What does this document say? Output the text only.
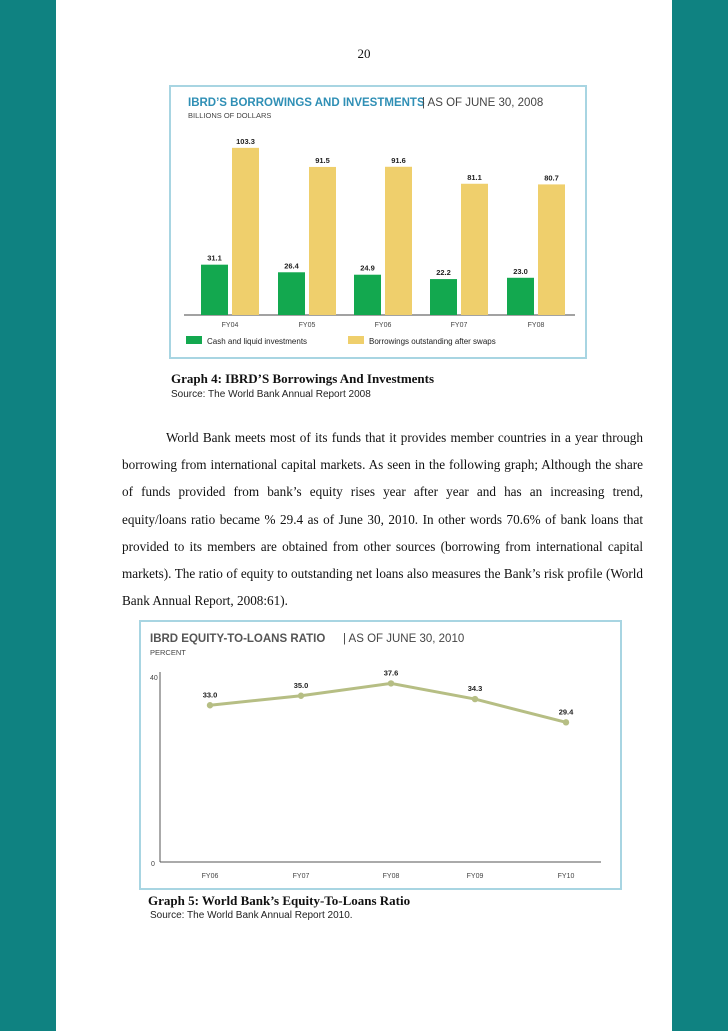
20
IBRD’S BORROWINGS AND INVESTMENTS
| AS OF JUNE 30, 2008
BILLIONS OF DOLLARS
31.1
103.3
FY04
26.4
91.5
FY05
24.9
91.6
FY06
22.2
81.1
FY07
23.0
80.7
FY08
Cash and liquid investments	Borrowings outstanding after swaps
Graph 4: IBRD’S Borrowings And Investments
Source: The World Bank Annual Report 2008

World Bank meets most of its funds that it provides member countries in a year through borrowing from international capital markets. As seen in the following graph; Although the share of funds provided from bank’s equity rises year after year and has an increasing trend, equity/loans ratio became % 29.4 as of June 30, 2010. In other words 70.6% of bank loans that provided to its members are obtained from other sources (borrowing from international capital markets). The ratio of equity to outstanding net loans also measures the Bank’s risk profile (World Bank Annual Report, 2008:61).

IBRD EQUITY-TO-LOANS RATIO | AS OF JUNE 30, 2010
PERCENT
40
0
33.0
FY06
35.0
FY07
37.6
FY08
34.3
FY09
29.4
FY10
Graph 5: World Bank’s Equity-To-Loans Ratio
Source: The World Bank Annual Report 2010.
